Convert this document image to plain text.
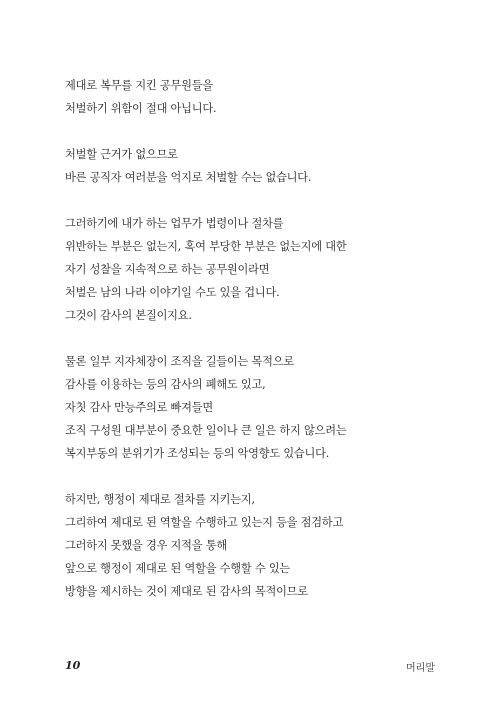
제대로 복무를 지킨 공무원들을
처벌하기 위함이 절대 아닙니다.

처벌할 근거가 없으므로
바른 공직자 여러분을 억지로 처벌할 수는 없습니다.

그러하기에 내가 하는 업무가 법령이나 절차를
위반하는 부분은 없는지, 혹여 부당한 부분은 없는지에 대한
자기 성찰을 지속적으로 하는 공무원이라면
처벌은 남의 나라 이야기일 수도 있을 겁니다.
그것이 감사의 본질이지요.

물론 일부 지자체장이 조직을 길들이는 목적으로
감사를 이용하는 등의 감사의 폐해도 있고,
자칫 감사 만능주의로 빠져들면
조직 구성원 대부분이 중요한 일이나 큰 일은 하지 않으려는
복지부동의 분위기가 조성되는 등의 악영향도 있습니다.

하지만, 행정이 제대로 절차를 지키는지,
그리하여 제대로 된 역할을 수행하고 있는지 등을 점검하고
그러하지 못했을 경우 지적을 통해
앞으로 행정이 제대로 된 역할을 수행할 수 있는
방향을 제시하는 것이 제대로 된 감사의 목적이므로

10	머리말
